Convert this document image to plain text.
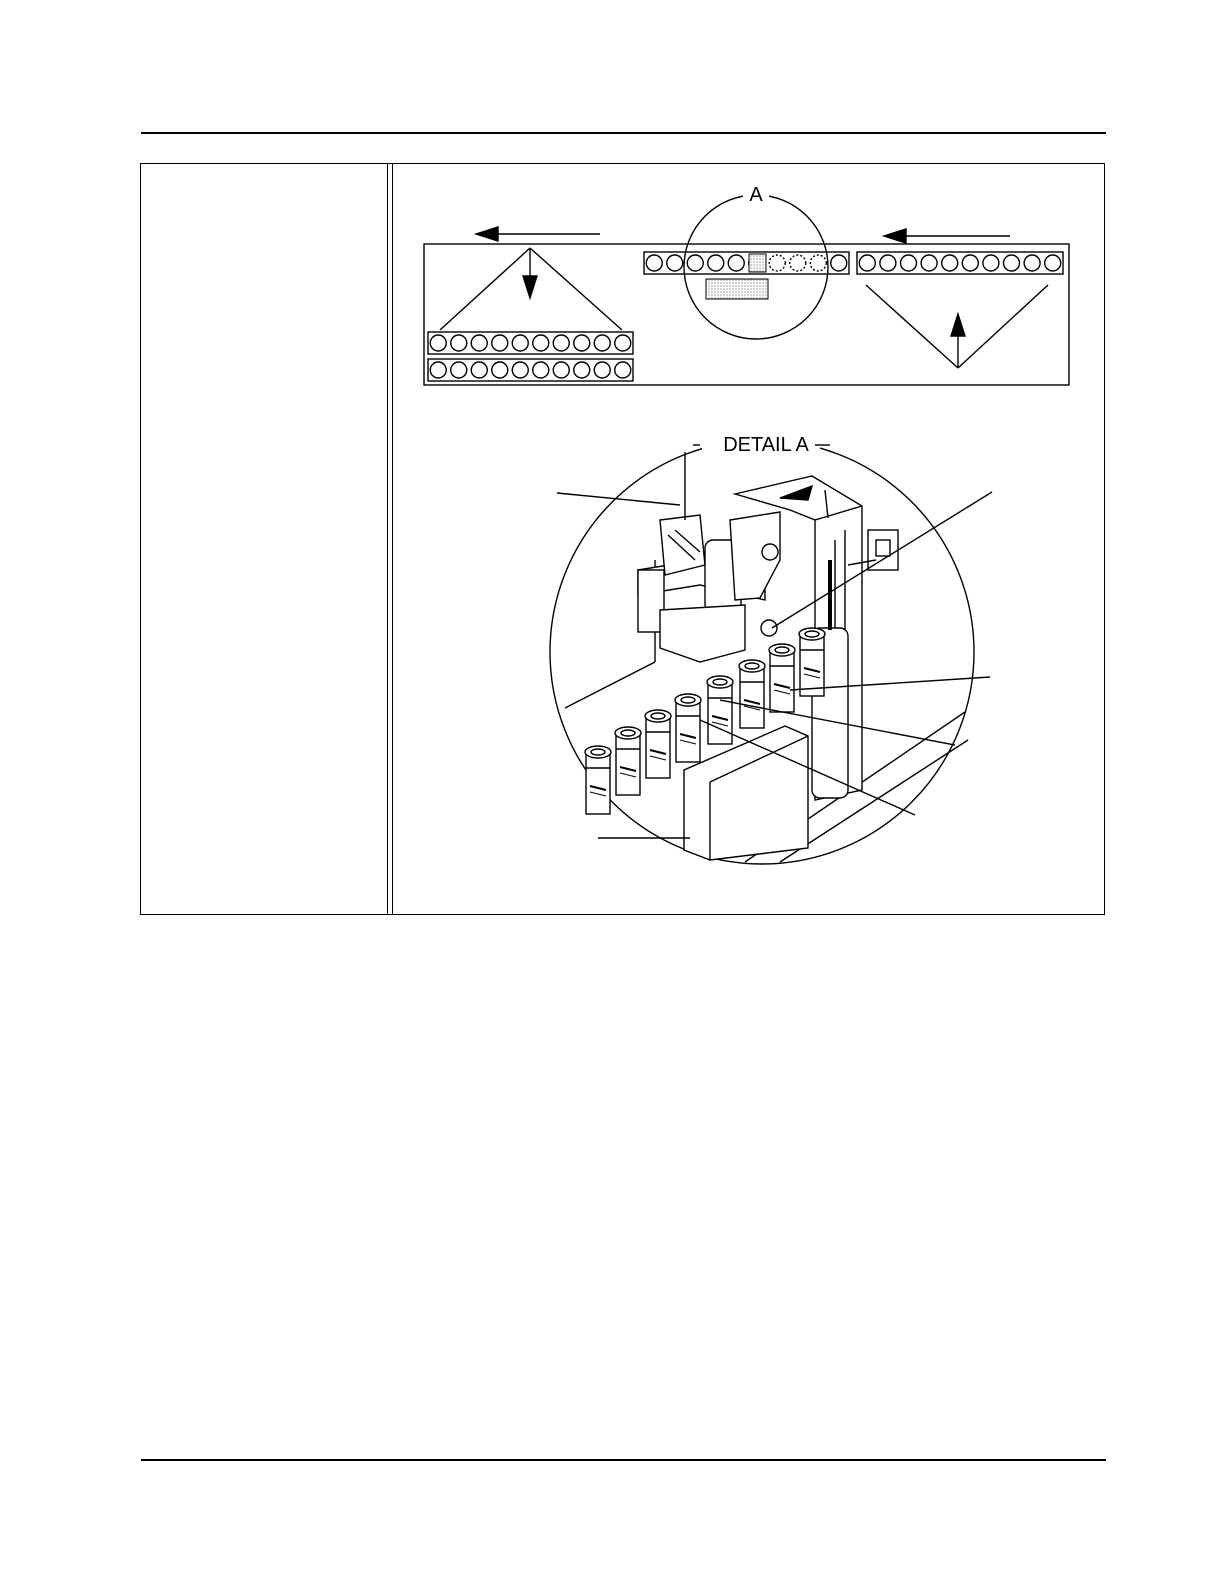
A
DETAIL A
